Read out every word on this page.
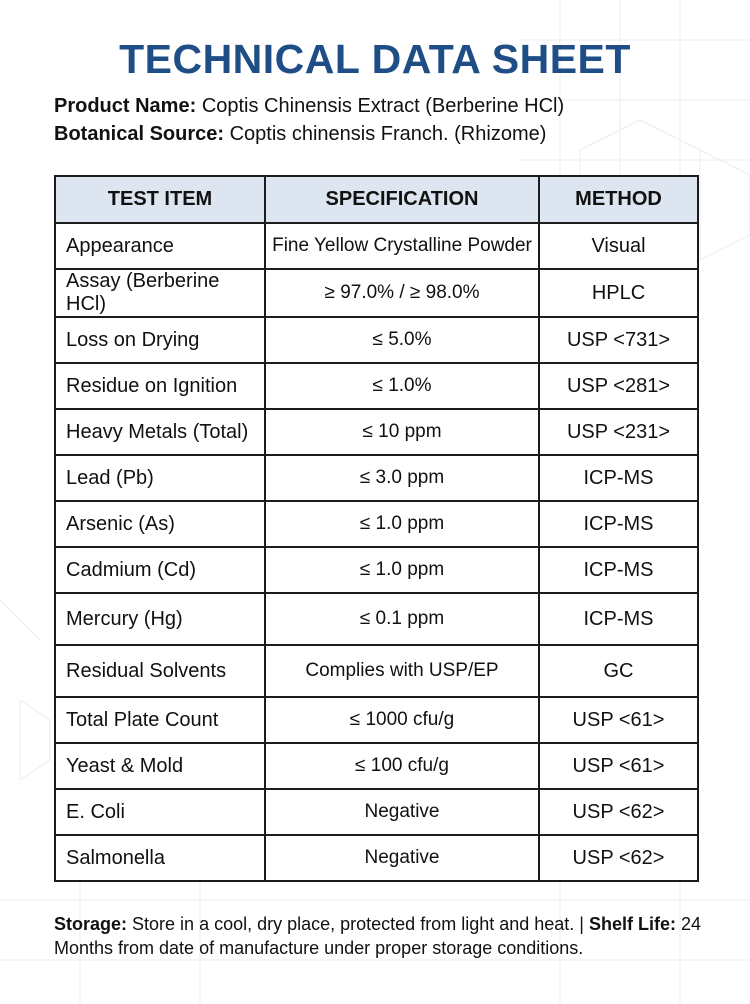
TECHNICAL DATA SHEET
Product Name: Coptis Chinensis Extract (Berberine HCl)
Botanical Source: Coptis chinensis Franch. (Rhizome)
TEST ITEM	SPECIFICATION	METHOD
Appearance	Fine Yellow Crystalline Powder	Visual
Assay (Berberine HCl)	≥ 97.0% / ≥ 98.0%	HPLC
Loss on Drying	≤ 5.0%	USP <731>
Residue on Ignition	≤ 1.0%	USP <281>
Heavy Metals (Total)	≤ 10 ppm	USP <231>
Lead (Pb)	≤ 3.0 ppm	ICP-MS
Arsenic (As)	≤ 1.0 ppm	ICP-MS
Cadmium (Cd)	≤ 1.0 ppm	ICP-MS
Mercury (Hg)	≤ 0.1 ppm	ICP-MS
Residual Solvents	Complies with USP/EP	GC
Total Plate Count	≤ 1000 cfu/g	USP <61>
Yeast & Mold	≤ 100 cfu/g	USP <61>
E. Coli	Negative	USP <62>
Salmonella	Negative	USP <62>
Storage: Store in a cool, dry place, protected from light and heat. | Shelf Life: 24 Months from date of manufacture under proper storage conditions.
